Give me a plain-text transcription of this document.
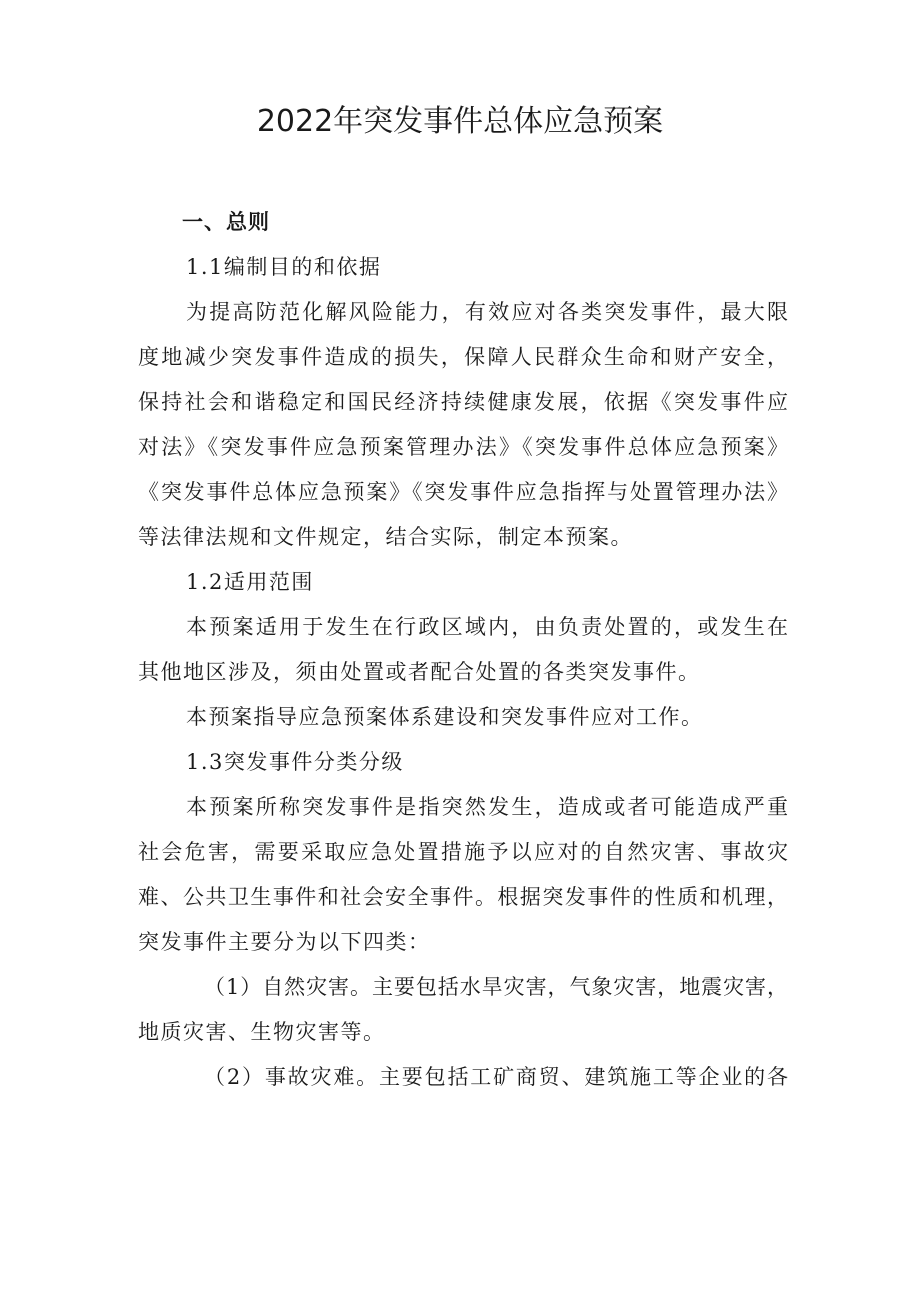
2022年突发事件总体应急预案
一、总则
1.1编制目的和依据
为提高防范化解风险能力，有效应对各类突发事件，最大限
度地减少突发事件造成的损失，保障人民群众生命和财产安全，
保持社会和谐稳定和国民经济持续健康发展，依据《突发事件应
对法》《突发事件应急预案管理办法》《突发事件总体应急预案》
《突发事件总体应急预案》《突发事件应急指挥与处置管理办法》
等法律法规和文件规定，结合实际，制定本预案。
1.2适用范围
本预案适用于发生在行政区域内，由负责处置的，或发生在
其他地区涉及，须由处置或者配合处置的各类突发事件。
本预案指导应急预案体系建设和突发事件应对工作。
1.3突发事件分类分级
本预案所称突发事件是指突然发生，造成或者可能造成严重
社会危害，需要采取应急处置措施予以应对的自然灾害、事故灾
难、公共卫生事件和社会安全事件。根据突发事件的性质和机理，
突发事件主要分为以下四类：
（1）自然灾害。主要包括水旱灾害，气象灾害，地震灾害，
地质灾害、生物灾害等。
（2）事故灾难。主要包括工矿商贸、建筑施工等企业的各
